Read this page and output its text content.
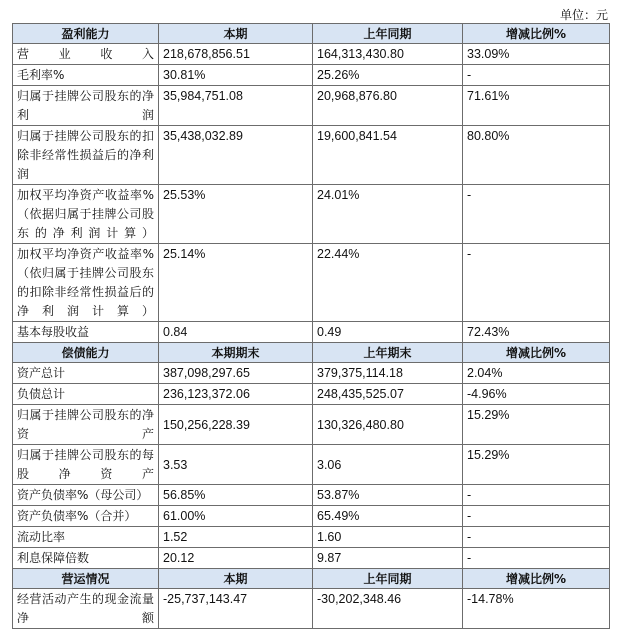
单位：元
盈利能力	本期	上年同期	增减比例%
营业收入	218,678,856.51	164,313,430.80	33.09%
毛利率%	30.81%	25.26%	-
归属于挂牌公司股东的净利润	35,984,751.08	20,968,876.80	71.61%
归属于挂牌公司股东的扣除非经常性损益后的净利润	35,438,032.89	19,600,841.54	80.80%
加权平均净资产收益率%（依据归属于挂牌公司股东的净利润计算）	25.53%	24.01%	-
加权平均净资产收益率%（依归属于挂牌公司股东的扣除非经常性损益后的净利润计算）	25.14%	22.44%	-
基本每股收益	0.84	0.49	72.43%
偿债能力	本期期末	上年期末	增减比例%
资产总计	387,098,297.65	379,375,114.18	2.04%
负债总计	236,123,372.06	248,435,525.07	-4.96%
归属于挂牌公司股东的净资产	150,256,228.39	130,326,480.80	15.29%
归属于挂牌公司股东的每股净资产	3.53	3.06	15.29%
资产负债率%（母公司）	56.85%	53.87%	-
资产负债率%（合并）	61.00%	65.49%	-
流动比率	1.52	1.60	-
利息保障倍数	20.12	9.87	-
营运情况	本期	上年同期	增减比例%
经营活动产生的现金流量净额	-25,737,143.47	-30,202,348.46	-14.78%
